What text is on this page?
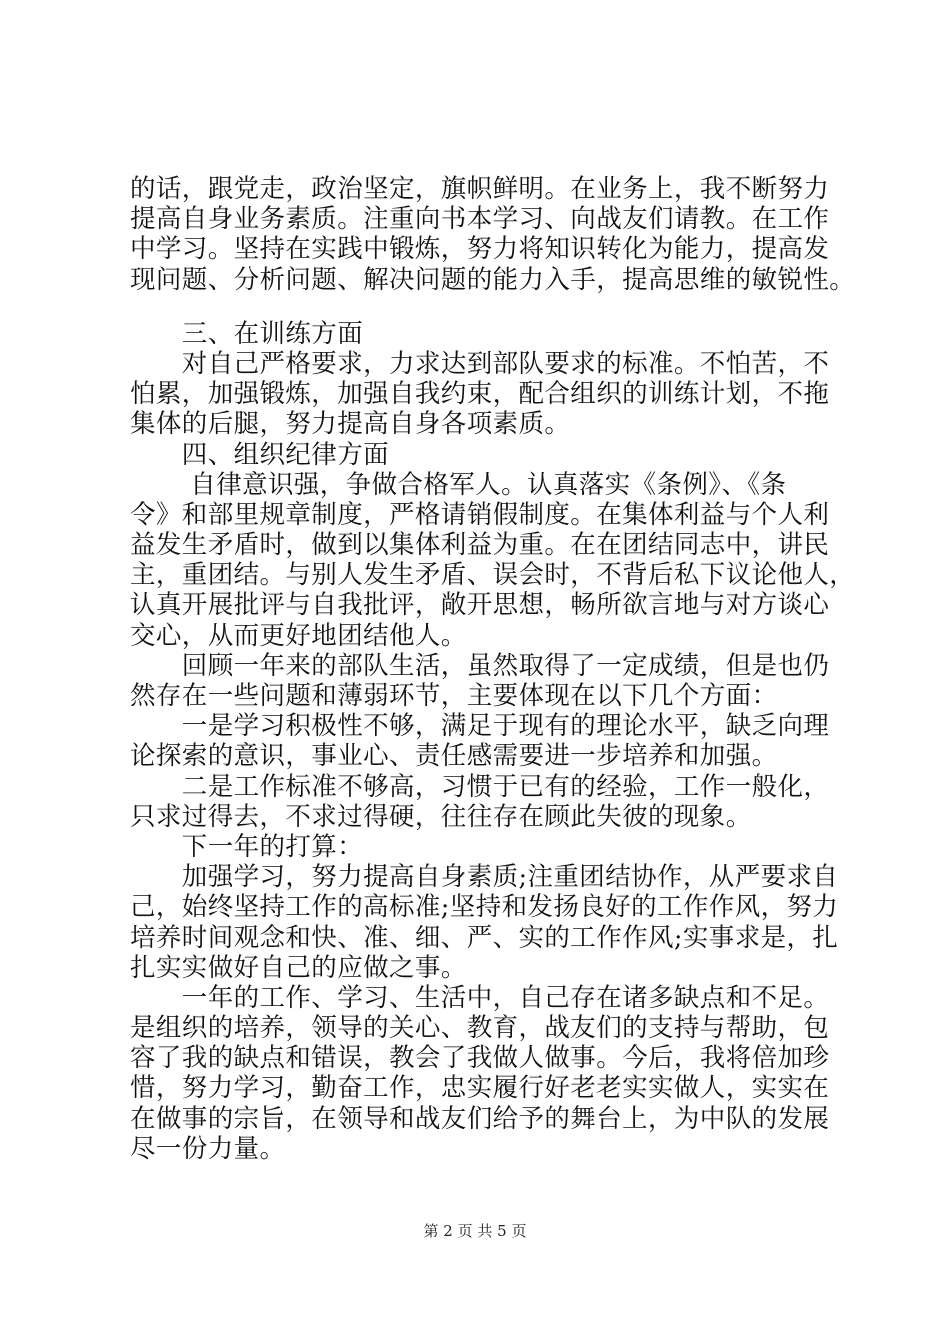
的话，跟党走，政治坚定，旗帜鲜明。在业务上，我不断努力
提高自身业务素质。注重向书本学习、向战友们请教。在工作
中学习。坚持在实践中锻炼，努力将知识转化为能力，提高发
现问题、分析问题、解决问题的能力入手，提高思维的敏锐性。
　　三、在训练方面
　　对自己严格要求，力求达到部队要求的标准。不怕苦，不
怕累，加强锻炼，加强自我约束，配合组织的训练计划，不拖
集体的后腿，努力提高自身各项素质。
　　四、组织纪律方面
　　 自律意识强，争做合格军人。认真落实《条例》、《条
令》和部里规章制度，严格请销假制度。在集体利益与个人利
益发生矛盾时，做到以集体利益为重。在在团结同志中，讲民
主，重团结。与别人发生矛盾、误会时，不背后私下议论他人，
认真开展批评与自我批评，敞开思想，畅所欲言地与对方谈心
交心，从而更好地团结他人。
　　回顾一年来的部队生活，虽然取得了一定成绩，但是也仍
然存在一些问题和薄弱环节，主要体现在以下几个方面：
　　一是学习积极性不够，满足于现有的理论水平，缺乏向理
论探索的意识，事业心、责任感需要进一步培养和加强。
　　二是工作标准不够高，习惯于已有的经验，工作一般化，
只求过得去，不求过得硬，往往存在顾此失彼的现象。
　　下一年的打算：
　　加强学习，努力提高自身素质;注重团结协作，从严要求自
己，始终坚持工作的高标准;坚持和发扬良好的工作作风，努力
培养时间观念和快、准、细、严、实的工作作风;实事求是，扎
扎实实做好自己的应做之事。
　　一年的工作、学习、生活中，自己存在诸多缺点和不足。
是组织的培养，领导的关心、教育，战友们的支持与帮助，包
容了我的缺点和错误，教会了我做人做事。今后，我将倍加珍
惜，努力学习，勤奋工作，忠实履行好老老实实做人，实实在
在做事的宗旨，在领导和战友们给予的舞台上，为中队的发展
尽一份力量。
第 2 页 共 5 页
